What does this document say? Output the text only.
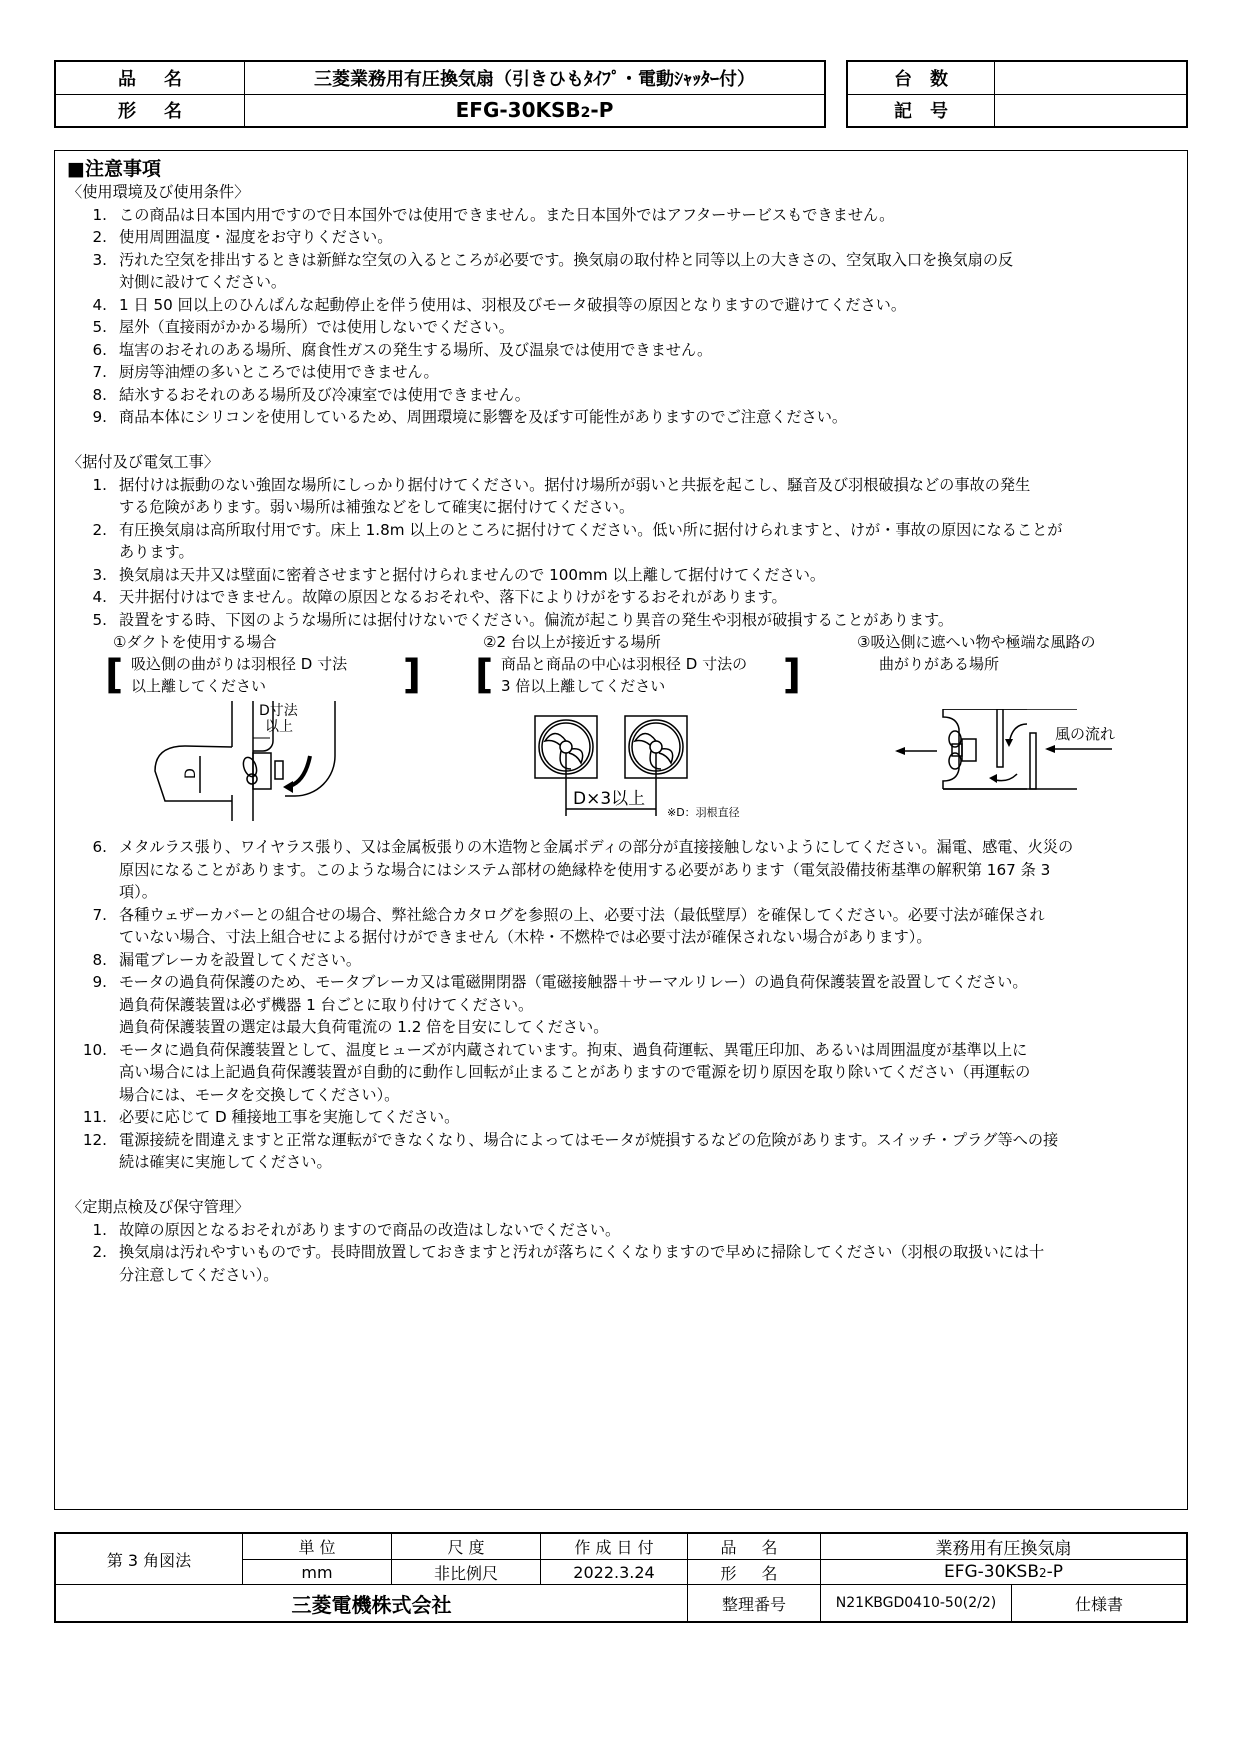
品名	三菱業務用有圧換気扇（引きひもﾀｲﾌﾟ・電動ｼｬｯﾀｰ付）
形名	EFG-30KSB2-P
台数	
記号	
■注意事項
〈使用環境及び使用条件〉
1. この商品は日本国内用ですので日本国外では使用できません。また日本国外ではアフターサービスもできません。
2. 使用周囲温度・湿度をお守りください。
3. 汚れた空気を排出するときは新鮮な空気の入るところが必要です。換気扇の取付枠と同等以上の大きさの、空気取入口を換気扇の反
対側に設けてください。
4. 1 日 50 回以上のひんぱんな起動停止を伴う使用は、羽根及びモータ破損等の原因となりますので避けてください。
5. 屋外（直接雨がかかる場所）では使用しないでください。
6. 塩害のおそれのある場所、腐食性ガスの発生する場所、及び温泉では使用できません。
7. 厨房等油煙の多いところでは使用できません。
8. 結氷するおそれのある場所及び冷凍室では使用できません。
9. 商品本体にシリコンを使用しているため、周囲環境に影響を及ぼす可能性がありますのでご注意ください。
〈据付及び電気工事〉
1. 据付けは振動のない強固な場所にしっかり据付けてください。据付け場所が弱いと共振を起こし、騒音及び羽根破損などの事故の発生
する危険があります。弱い場所は補強などをして確実に据付けてください。
2. 有圧換気扇は高所取付用です。床上 1.8m 以上のところに据付けてください。低い所に据付けられますと、けが・事故の原因になることが
あります。
3. 換気扇は天井又は壁面に密着させますと据付けられませんので 100mm 以上離して据付けてください。
4. 天井据付けはできません。故障の原因となるおそれや、落下によりけがをするおそれがあります。
5. 設置をする時、下図のような場所には据付けないでください。偏流が起こり異音の発生や羽根が破損することがあります。
①ダクトを使用する場合
[ 吸込側の曲がりは羽根径 D 寸法
以上離してください	]
D寸法
以上
D
②2 台以上が接近する場所
[ 商品と商品の中心は羽根径 D 寸法の
3 倍以上離してください	]
D×3以上
※D：羽根直径
③吸込側に遮へい物や極端な風路の
曲がりがある場所
風の流れ
6. メタルラス張り、ワイヤラス張り、又は金属板張りの木造物と金属ボディの部分が直接接触しないようにしてください。漏電、感電、火災の
原因になることがあります。このような場合にはシステム部材の絶縁枠を使用する必要があります（電気設備技術基準の解釈第 167 条 3
項）。
7. 各種ウェザーカバーとの組合せの場合、弊社総合カタログを参照の上、必要寸法（最低壁厚）を確保してください。必要寸法が確保され
ていない場合、寸法上組合せによる据付けができません（木枠・不燃枠では必要寸法が確保されない場合があります）。
8. 漏電ブレーカを設置してください。
9. モータの過負荷保護のため、モータブレーカ又は電磁開閉器（電磁接触器＋サーマルリレー）の過負荷保護装置を設置してください。
過負荷保護装置は必ず機器 1 台ごとに取り付けてください。
過負荷保護装置の選定は最大負荷電流の 1.2 倍を目安にしてください。
10. モータに過負荷保護装置として、温度ヒューズが内蔵されています。拘束、過負荷運転、異電圧印加、あるいは周囲温度が基準以上に
高い場合には上記過負荷保護装置が自動的に動作し回転が止まることがありますので電源を切り原因を取り除いてください（再運転の
場合には、モータを交換してください）。
11. 必要に応じて D 種接地工事を実施してください。
12. 電源接続を間違えますと正常な運転ができなくなり、場合によってはモータが焼損するなどの危険があります。スイッチ・プラグ等への接
続は確実に実施してください。
〈定期点検及び保守管理〉
1. 故障の原因となるおそれがありますので商品の改造はしないでください。
2. 換気扇は汚れやすいものです。長時間放置しておきますと汚れが落ちにくくなりますので早めに掃除してください（羽根の取扱いには十
分注意してください）。
第 3 角図法	単 位	尺 度	作 成 日 付	品 名	業務用有圧換気扇	
	mm	非比例尺	2022.3.24	形 名	EFG-30KSB2-P	
三菱電機株式会社				整理番号	N21KBGD0410-50(2/2)	仕様書
